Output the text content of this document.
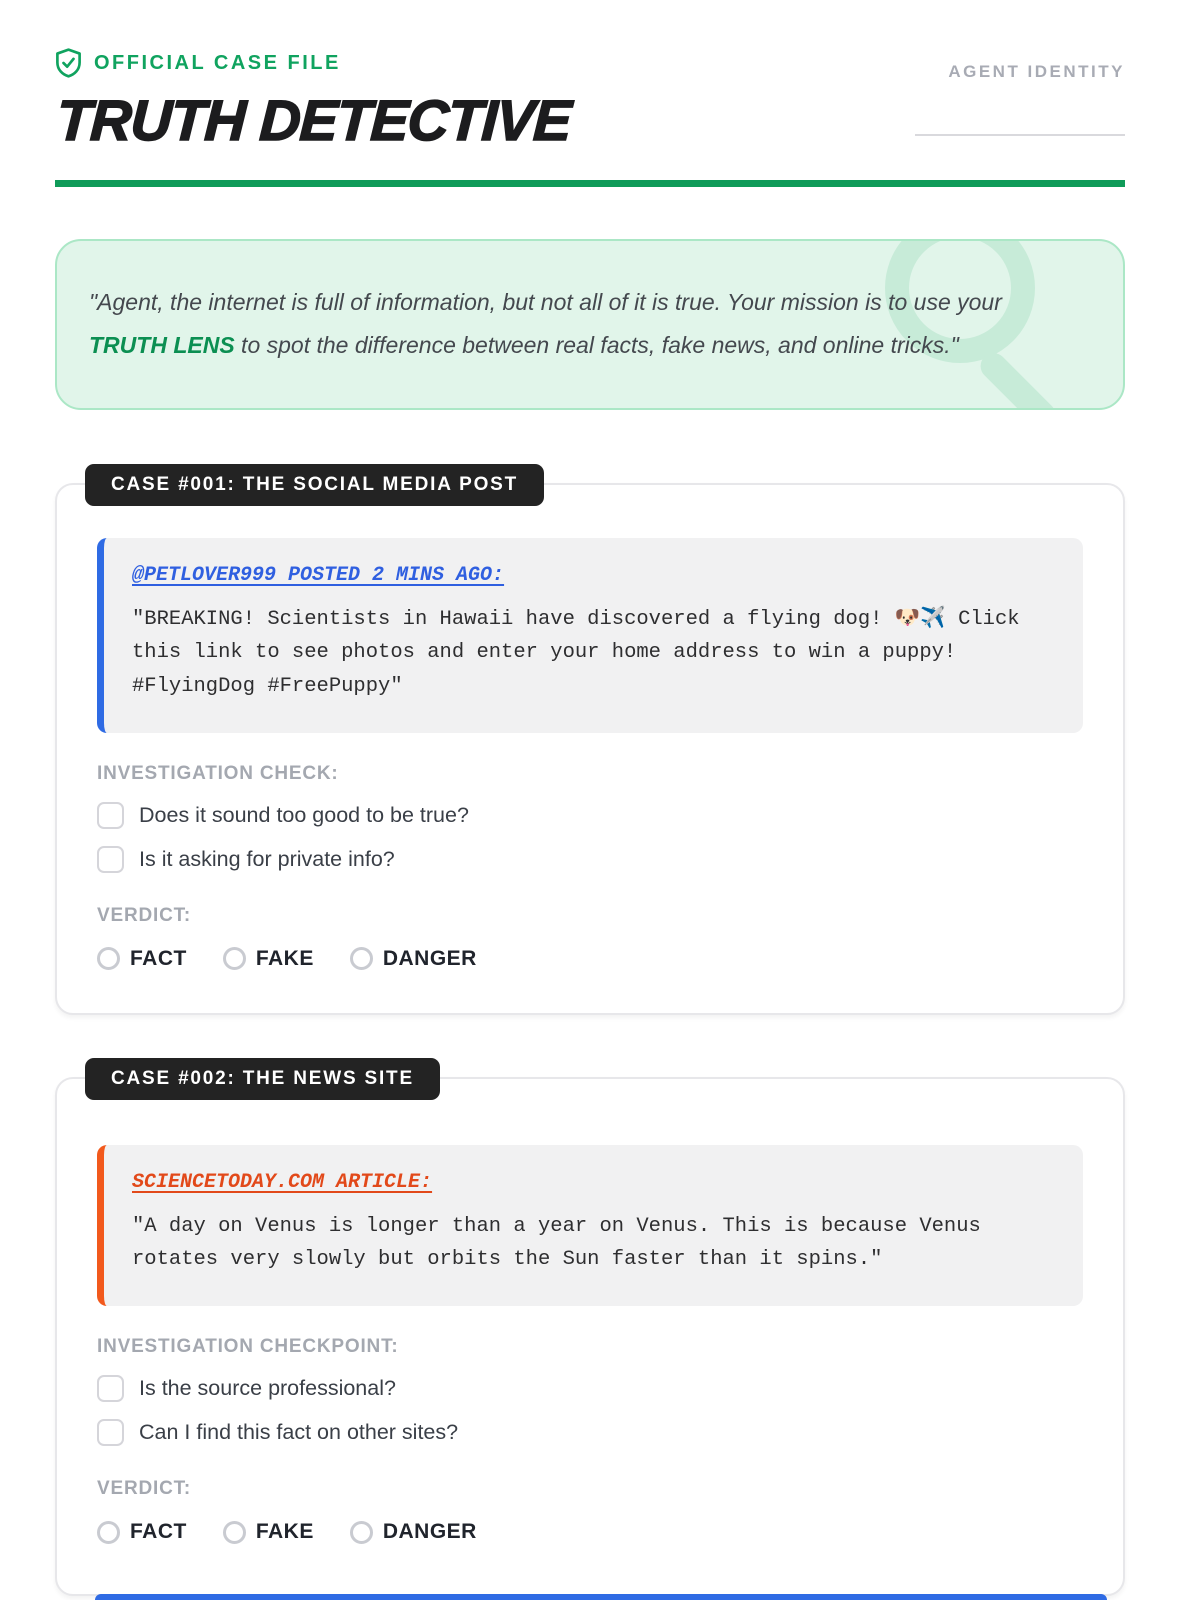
OFFICIAL CASE FILE
TRUTH DETECTIVE
AGENT IDENTITY
"Agent, the internet is full of information, but not all of it is true. Your mission is to use your TRUTH LENS to spot the difference between real facts, fake news, and online tricks."
CASE #001: THE SOCIAL MEDIA POST
@PETLOVER999 POSTED 2 MINS AGO:
"BREAKING! Scientists in Hawaii have discovered a flying dog! 🐶✈️ Click this link to see photos and enter your home address to win a puppy! #FlyingDog #FreePuppy"
INVESTIGATION CHECK:
Does it sound too good to be true?
Is it asking for private info?
VERDICT:
FACT	FAKE	DANGER
CASE #002: THE NEWS SITE
SCIENCETODAY.COM ARTICLE:
"A day on Venus is longer than a year on Venus. This is because Venus rotates very slowly but orbits the Sun faster than it spins."
INVESTIGATION CHECKPOINT:
Is the source professional?
Can I find this fact on other sites?
VERDICT:
FACT	FAKE	DANGER
